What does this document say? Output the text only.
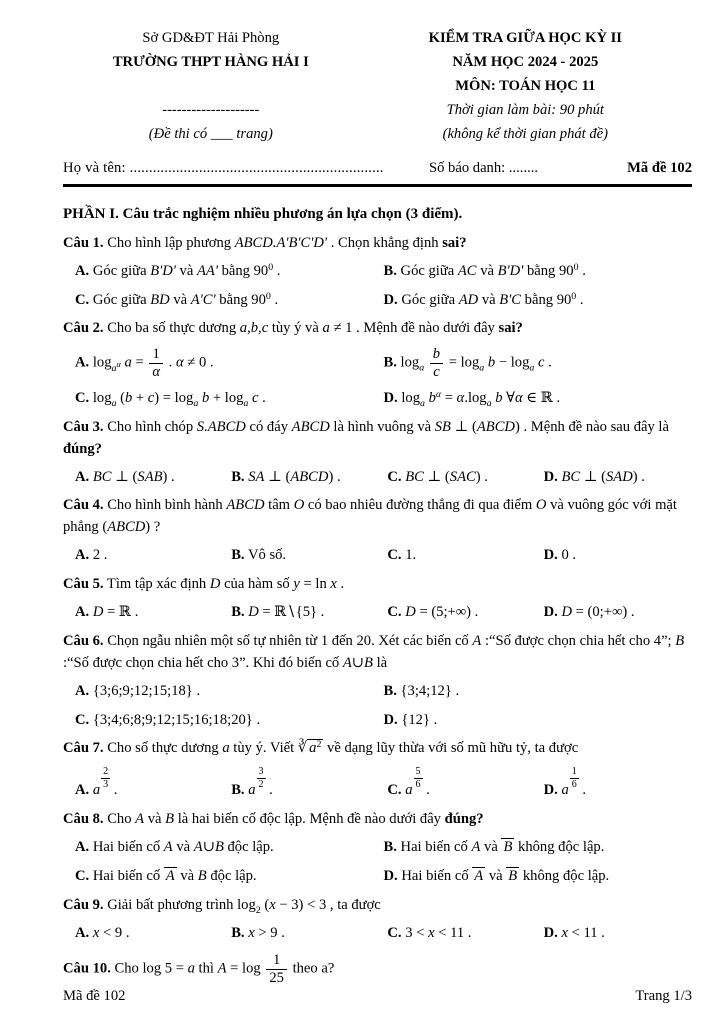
Sở GD&ĐT Hải Phòng
TRƯỜNG THPT HÀNG HẢI I
--------------------
(Đề thi có ___ trang)
KIỂM TRA GIỮA HỌC KỲ II
NĂM HỌC 2024 - 2025
MÔN: TOÁN HỌC 11
Thời gian làm bài: 90 phút
(không kể thời gian phát đề)
Họ và tên: ..................................................................	Số báo danh: ........	Mã đề 102
PHẦN I. Câu trắc nghiệm nhiều phương án lựa chọn (3 điểm).
Câu 1. Cho hình lập phương ABCD.A'B'C'D' . Chọn khẳng định sai?
A. Góc giữa B'D' và AA' bằng $90^0$ .	B. Góc giữa AC và B'D' bằng $90^0$ .
C. Góc giữa BD và A'C' bằng $90^0$ .	D. Góc giữa AD và B'C bằng $90^0$ .
Câu 2. Cho ba số thực dương a,b,c tùy ý và a ≠ 1 . Mệnh đề nào dưới đây sai?
A. $\log_{a^\alpha} a = \frac{1}{\alpha}$ . α ≠ 0 .	B. $\log_a \frac{b}{c} = \log_a b - \log_a c$ .
C. $\log_a (b + c) = \log_a b + \log_a c$ .	D. $\log_a b^\alpha = \alpha.\log_a$ b ∀α ∈ ℝ .
Câu 3. Cho hình chóp S.ABCD có đáy ABCD là hình vuông và SB ⊥ (ABCD) . Mệnh đề nào sau đây là đúng?
A. BC ⊥ (SAB) .	B. SA ⊥ (ABCD) .	C. BC ⊥ (SAC) .	D. BC ⊥ (SAD) .
Câu 4. Cho hình bình hành ABCD tâm O có bao nhiêu đường thẳng đi qua điểm O và vuông góc với mặt phẳng (ABCD) ?
A. 2 .	B. Vô số.	C. 1.	D. 0 .
Câu 5. Tìm tập xác định D của hàm số y = ln x .
A. D = ℝ .	B. D = ℝ∖{5} .	C. D = (5;+∞) .	D. D = (0;+∞) .
Câu 6. Chọn ngẫu nhiên một số tự nhiên từ 1 đến 20. Xét các biến cố A :“Số được chọn chia hết cho 4”; B :“Số được chọn chia hết cho 3”. Khi đó biến cố A∪B là
A. {3;6;9;12;15;18} .	B. {3;4;12} .
C. {3;4;6;8;9;12;15;16;18;20} .	D. {12} .
Câu 7. Cho số thực dương a tùy ý. Viết ∛ $a^2$ về dạng lũy thừa với số mũ hữu tỷ, ta được
A. a $\frac{2}{3}$ .	B. a $\frac{3}{2}$ .	C. a $\frac{5}{6}$ .	D. a $\frac{1}{6}$ .
Câu 8. Cho A và B là hai biến cố độc lập. Mệnh đề nào dưới đây đúng?
A. Hai biến cố A và A∪B độc lập.	B. Hai biến cố A và B không độc lập.
C. Hai biến cố A và B độc lập.	D. Hai biến cố A và B không độc lập.
Câu 9. Giải bất phương trình $\log_2 (x - 3) < 3$ , ta được
A. x < 9 .	B. x > 9 .	C. 3 < x < 11 .	D. x < 11 .
Câu 10. Cho log 5 = a thì $A = \log \frac{1}{25}$ theo a?
Mã đề 102	Trang 1/3
